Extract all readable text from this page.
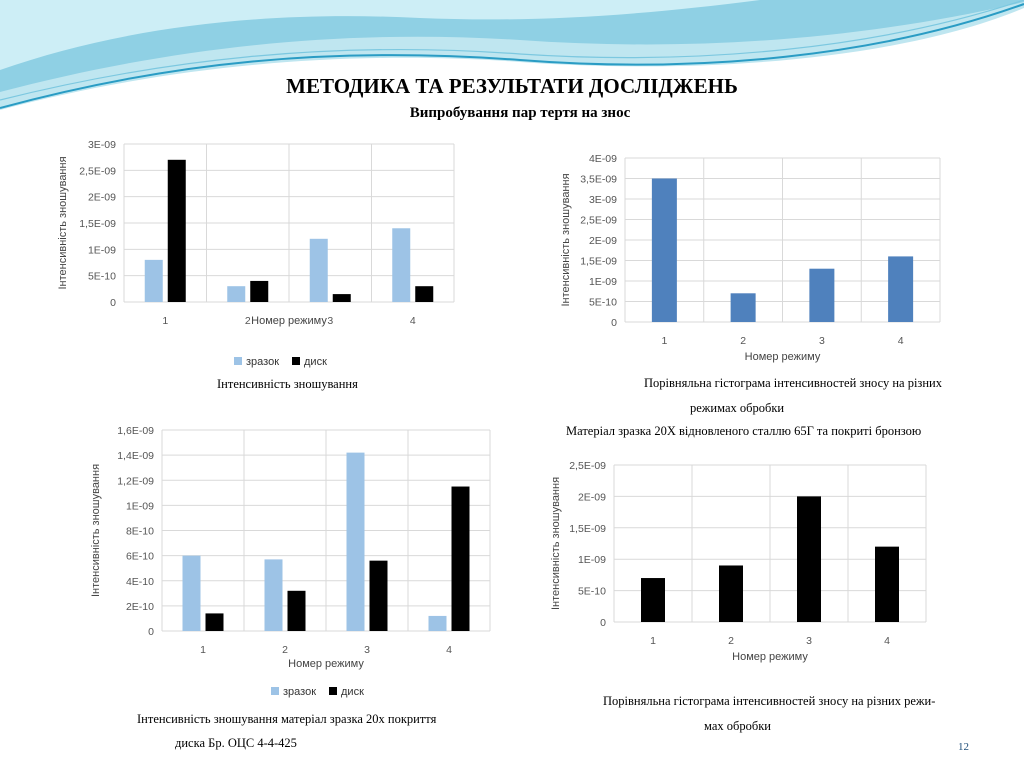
МЕТОДИКА ТА РЕЗУЛЬТАТИ ДОСЛІДЖЕНЬ
Випробування пар тертя на знос
0
5E-10
1E-09
1,5E-09
2E-09
2,5E-09
3E-09
1	2	3	4
Номер режиму
Інтенсивність зношування
зразок диск

Інтенсивність зношування

0
5E-10
1E-09
1,5E-09
2E-09
2,5E-09
3E-09
3,5E-09
4E-09
1	2	3	4
Номер режиму
Інтенсивність зношування

Порівняльна гістограма інтенсивностей зносу на різних

режимах обробки

Матеріал зразка 20Х відновленого сталлю 65Г та покриті бронзою

0
2E-10
4E-10
6E-10
8E-10
1E-09
1,2E-09
1,4E-09
1,6E-09
1	2	3	4
Номер режиму
Інтенсивність зношування
зразок диск

Інтенсивність зношування матеріал зразка 20х покриття

диска Бр. ОЦС 4-4-425

0
5E-10
1E-09
1,5E-09
2E-09
2,5E-09
1	2	3	4
Номер режиму
Інтенсивність зношування

Порівняльна гістограма інтенсивностей зносу на різних режи-

мах обробки

12
